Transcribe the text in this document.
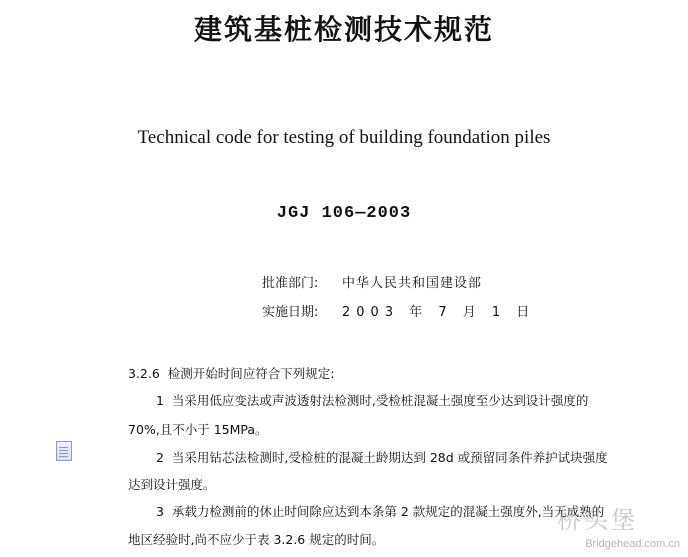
建筑基桩检测技术规范
Technical code for testing of building foundation piles
JGJ 106—2003
批准部门: 中华人民共和国建设部
实施日期: 2003 年 7 月 1 日
3.2.6 检测开始时间应符合下列规定:
1 当采用低应变法或声波透射法检测时,受检桩混凝土强度至少达到设计强度的
70%,且不小于 15MPa。
2 当采用钻芯法检测时,受检桩的混凝土龄期达到 28d 或预留同条件养护试块强度
达到设计强度。
3 承载力检测前的休止时间除应达到本条第 2 款规定的混凝土强度外,当无成熟的
地区经验时,尚不应少于表 3.2.6 规定的时间。
桥头堡
Bridgehead.com.cn
